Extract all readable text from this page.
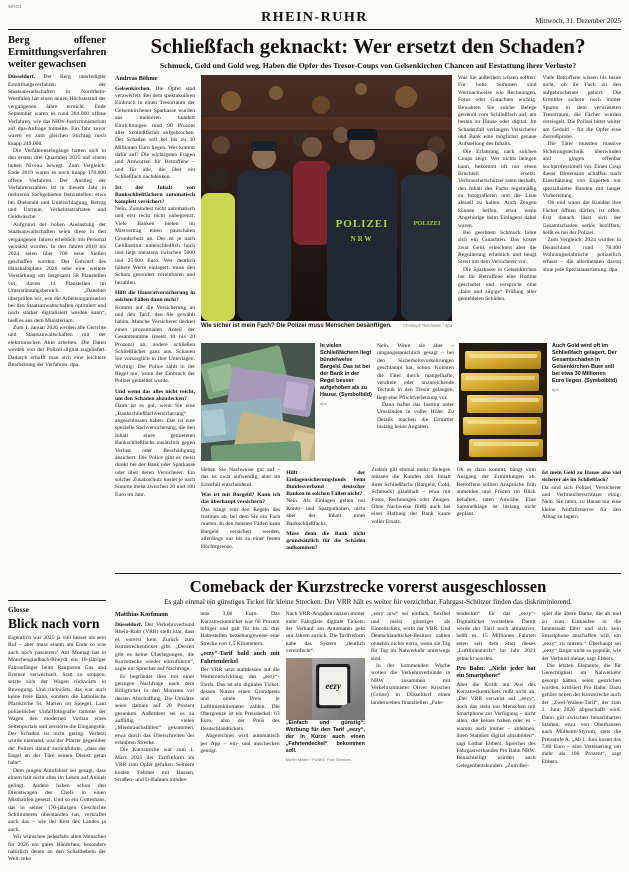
WRG1
RHEIN-RUHR	Mittwoch, 31. Dezember 2025
Berg offener Ermittlungsverfahren weiter gewachsen

Düsseldorf. Der Berg unerledigter Ermittlungsverfahren der Staatsanwaltschaften in Nordrhein-Westfalen hat einen neuen Höchststand der vergangenen Jahre erreicht. Ende September waren es rund 284.000 offene Verfahren, wie das NRW-Justizministerium auf dpa-Anfrage mitteilte. Ein Jahr zuvor waren es zum gleichen Stichtag noch knapp 249.000.

Die Verfahrenseingänge hatten sich in den ersten drei Quartalen 2025 auf einem hohen Niveau bewegt. Zum Vergleich: Ende 2019 waren es noch knapp 176.000 offene Verfahren. Der Anstieg der Verfahrenszahlen ist in diesem Jahr in mehreren Sachgebieten festzustellen: etwa bei Diebstahl und Unterschlagung, Betrug und Untreue, Verkehrsstraftaten und Geldwäsche.

Aufgrund der hohen Auslastung der Staatsanwaltschaften seien diese in den vergangenen Jahren erheblich mit Personal verstärkt worden. In den Jahren 2018 bis 2024 seien über 700 neue Stellen geschaffen worden. Der Entwurf des Haushaltsplans 2026 sehe eine weitere Verstärkung um insgesamt 58 Planstellen vor, davon 14 Planstellen im Unterstützungsbereich. „Daneben überprüfen wir, wie die Arbeitsorganisation bei den Staatsanwaltschaften optimiert und noch stärker digitalisiert werden kann“, hieß es aus dem Ministerium.

Zum 1. Januar 2026 werden alle Gerichte und Staatsanwaltschaften mit der elektronischen Akte arbeiten. Die Daten werden von der Polizei digital zugeliefert. Dadurch erhofft man sich eine leichtere Bearbeitung der Verfahren. dpa

Glosse
Blick nach vorn

Eigentlich war 2025 ja viel besser als sein Ruf – aber muss einem am Ende so was auch noch passieren? Am Montag hat in Mönchengladbach-Rheydt ein 18-jähriger Fahranfänger beim Rangieren Gas und Bremse verwechselt. Statt zu stoppen, setzte sich der Wagen rückwärts in Bewegung. Und rückwärts, das war auch keine freie Bahn, sondern die katholische Pfarrkirche St. Marien im Spiegel. Laut polizeilicher Unfallfotografie rammte der Wagen den modernen Vorbau eines Seitenportals und zerstörte die Eingangstür. Der Schaden ist nicht gering. Verletzt wurde niemand, was der Pfarrer gegenüber der Polizei darauf zurückführte, „dass der Engel an der Türe seinen Dienst getan habe“.

Dem jungen Autofahrer sei gesagt, dass einem halt nicht alles im Leben auf Anhieb gelingt. Andere haben schon den Dienstwagen des Chefs in einen Misthaufen gesetzt. Und so ein Gotteshaus, das in seiner 170-jährigen Geschichte Schlimmeres überstanden hat, verkraftet auch das – wie der Rest des Landes ja auch.

Wir wünschen jedenfalls allen Menschen für 2026 ein gutes Händchen, besonders natürlich denen an den Schalthebeln der Welt. mko

Schließfach geknackt: Wer ersetzt den Schaden?

Schmuck, Geld und Gold weg. Haben die Opfer des Tresor-Coups von Gelsenkirchen Chancen auf Erstattung ihrer Verluste?

Andreas Böhme

Gelsenkirchen. Die Opfer sind verzweifelt. Bei dem spektakulären Einbruch in einen Tresorraum der Gelsenkirchener Sparkasse wurden aus mehreren hundert Einrichtungen rund 90 Prozent aller Schließfächer aufgebrochen. Der Schaden soll bei bis zu 30 Millionen Euro liegen. Wer kommt dafür auf? Die wichtigsten Fragen und Antworten für Betroffene – und für alle, die über ein Schließfach nachdenken.

Ist der Inhalt von Bankschließfächern automatisch komplett versichert?

Nein. Zumindest nicht automatisch und erst recht nicht unbegrenzt. Viele Banken bieten im Mietvertrag einen pauschalen Grundschutz an. Der ist je nach Geldinstitut unterschiedlich hoch und liegt meistens zwischen 5000 und 25.000 Euro. Wer deutlich höhere Werte einlagert, muss den Schutz gesondert vereinbaren und bezahlen.

Hilft die Hausratversicherung in solchen Fällen dann nicht?

Kommt auf die Versicherung an und den Tarif, den Sie gewählt haben. Manche Versicherer decken einen prozentualen Anteil der Gesamtsumme (meist 10 bis 20 Prozent) ab, andere schließen Schließfächer ganz aus. Schauen Sie vorsorglich in Ihre Unterlagen. Wichtig: Die Police zahlt in der Regel nur, wenn der Einbruch der Polizei gemeldet wurde.

Und wenn das alles nicht reicht, um den Schaden abzudecken?

Dann ist es gut, wenn Sie eine „Bankschließfachversicherung“ abgeschlossen haben. Das ist eine spezielle Sachversicherung, die den Inhalt eines gemieteten Bankschließfachs zusätzlich gegen Verlust oder Beschädigung absichert. Die Police gibt es meist direkt bei der Bank oder Sparkasse oder über deren Versicherer. Ein solcher Zusatzschutz kostet je nach Summe meist zwischen 20 und 100 Euro im Jahr.

POLIZEI
NRW
POLIZEI
Wie sicher ist mein Fach? Die Polizei muss Menschen besänftigen.	Christoph Reichwein / dpa

Was Sie außerdem wissen sollten: Für hohe Summen sind Wertnachweise wie Rechnungen, Fotos oder Gutachten wichtig. Bewahren Sie solche Belege getrennt vom Schließfach auf, am besten zu Hause oder digital. Im Schadenfall verlangen Versicherer und Bank eine möglichst genaue Aufstellung des Inhalts.

Die Erfahrung nach solchen Coups zeigt: Wer nichts belegen kann, bekommt oft nur einen Bruchteil ersetzt. Verbraucherschützer raten deshalb, den Inhalt des Fachs regelmäßig zu fotografieren und die Liste aktuell zu halten. Auch Zeugen können helfen, etwa wenn Angehörige beim Einlagern dabei waren.

Bei geerbtem Schmuck lohnt sich ein Gutachten. Das kostet zwar Geld, erleichtert aber die Regulierung erheblich und beugt Streit mit dem Versicherer vor.

Die Sparkasse in Gelsenkirchen hat für Betroffene eine Hotline geschaltet und verspricht eine „faire und zügige“ Prüfung aller gemeldeten Schäden.

Viele Betroffene wissen bis heute nicht, ob ihr Fach zu den aufgebrochenen gehört. Die Ermittler sichern noch immer Spuren in dem verwüsteten Tresorraum, die Fächer wurden versiegelt. Die Polizei bittet weiter um Geduld – für die Opfer eine Zerreißprobe.

Die Täter mussten massive Sicherungstechnik überwinden und gingen offenbar hochprofessionell vor. Einen Coup dieser Dimension schaffen nach Einschätzung von Experten nur spezialisierte Banden mit langer Vorbereitung.

Ob und wann die Kunden ihre Fächer öffnen dürfen, ist offen. Erst danach lässt sich der Gesamtschaden seriös beziffern, heißt es bei der Polizei.

Zum Vergleich: 2024 wurden in Deutschland rund 78.400 Wohnungseinbrüche polizeilich erfasst – die allermeisten davon ohne jede Spezialausrüstung. dpa

In vielen Schließfächern liegt bündelweise Bargeld. Das ist bei der Bank in der Regel besser aufgehoben als zu Hause. (Symbolbild)
dpa

Nein. Wenn sie aber – umgangssprachlich gesagt – bei den Sicherheitsvorkehrungen geschlampt hat, schon. Konnten die Täter durch mangelhafte, veraltete oder unzureichende Technik in den Tresor gelangen, liegt eine Pflichtverletzung vor.

Dann haftet das Institut unter Umständen in voller Höhe. Zu Details machen die Ermittler bislang keine Angaben.

Auch Gold wird oft im Schließfach gelagert. Der Gesamtschaden in Gelsenkirchen-Buer soll bei etwa 30 Millionen Euro liegen. (Symbolbild)
dpa

Heben Sie Nachweise gut auf – das ist zwar aufwendig, aber im Ernstfall entscheidend.

Was ist mit Bargeld? Kann ich das überhaupt versichern?

Das hängt von den Regeln des Instituts ab, bei dem Sie ein Fach mieten. In den meisten Fällen kann Bargeld versichert werden, allerdings nur bis zu einer festen Höchstgrenze.

Hilft der Einlagensicherungsfonds beim Bundesverband deutscher Banken in solchen Fällen nicht?

Nein. Als Einlagen gelten nur Konto- und Sparguthaben, nicht aber der Inhalt eines Bankschließfachs.

Muss denn die Bank nicht grundsätzlich für die Schäden aufkommen?

Zudem gilt einmal mehr: Belegen müssen die Kunden den Inhalt ihres Schließfachs (Bargeld, Gold, Schmuck) glaubhaft – etwa mit Fotos, Rechnungen oder Zeugen. Ohne Nachweise fließt auch bei einer Haftung der Bank kaum voller Ersatz.

Ob es dazu kommt, hängt vom Ausgang der Ermittlungen ab. Betroffene sollten Ansprüche früh anmelden und Fristen im Blick behalten, raten Anwälte. Eine Sammelklage ist bislang nicht geplant.

Ist mein Geld zu Hause also viel sicherer als im Schließfach?

Da sind sich Polizei, Versicherer und Verbraucherschützer einig: Nein. Sie raten, zu Hause nur eine kleine Notfallreserve für den Alltag zu lagern.

Comeback der Kurzstrecke vorerst ausgeschlossen

Es gab einmal ein günstiges Ticket für kleine Strecken. Der VRR hält es weiter für verzichtbar. Fahrgast-Schützer finden das diskriminierend.

Matthias Korfmann

Düsseldorf. Der Verkehrsverbund Rhein-Ruhr (VRR) stellt klar, dass es vorerst kein Zurück zum Kurzstreckenticket gibt. „Derzeit gibt es keine Überlegungen, die Kurzstrecke wieder einzuführen“, sagte ein Sprecher auf Nachfrage.

Er begründet dies mit einer geringen Nachfrage nach dem Billigticket in den Monaten vor dessen Abschaffung. Die Umsätze seien damals auf 20 Prozent gesunken. Außerdem sei es zu auffällig vielen „Missbrauchsfällen“ gekommen, etwa durch das Überschreiten der erlaubten Strecke.

Die Kurzstrecke war zum 1. März 2025 der Tarifreform im VRR zum Opfer gefallen. Seitdem kosten Fahrten mit Bussen, Straßen- und U-Bahnen mindes-

tens 3,60 Euro. Das Kurzstreckenticket war 60 Prozent billiger und galt für bis zu drei Haltestellen beziehungsweise eine Strecke von 1,5 Kilometern.

„eezy“-Tarif bald auch mit Fahrtendeckel

Der VRR setzt stattdessen auf die Weiterentwicklung des „eezy“-Tarifs. Das ist ein digitales Ticket, dessen Nutzer einen Grundpreis und einen Preis je Luftlinienkilometer zahlen. Die Obergrenze ist ein Preisdeckel: 63 Euro, also der Preis des Deutschlandtickets.

Abgerechnet wird automatisch per App – ein- und auschecken genügt.

Nach VRR-Angaben nutzen immer mehr Fahrgäste digitale Tickets; der Verkauf am Automaten geht seit Jahren zurück. Die Tarifreform habe das System „deutlich vereinfacht“.

eezy
„Einfach und günstig“: Werbung für den Tarif „eezy“, der in Kürze auch einen „Fahrtendeckel“ bekommen soll.
Martin Möller / FUNKE Foto Services

„eezy nrw“ sei einfach, flexibel und meist günstiger als Einzeltickets, wirbt der VRR. Und Deutschlandticket-Besitzer zahlen ohnehin nichts extra, wenn sie Tag für Tag im Nahverkehr unterwegs sind.

In der kommenden Woche wollen die Verkehrsverbünde in NRW zusammen mit Verkehrsminister Oliver Krischer (Grüne) in Düsseldorf einen landesweiten finanziellen „Fahr-

tendeckel“ für das „eezy“-Digitalticket vorstellen. Damit werde der Tarif noch attraktiver, heißt es. 15 Millionen Fahrten seien seit dem Start dieses „Luftlinientarifs“ im Jahr 2021 gebucht worden.

Pro Bahn: „Nicht jeder hat ein Smartphone“

Aber die Kritik am Aus des Kurzstreckentickets reißt nicht ab. „Der VRR verweist auf „eezy“, doch das steht nur Menschen mit Smartphone zur Verfügung – nicht allen, die keines haben oder es – warum auch immer – ablehnen, ihren Standort digital abzubilden“, sagt Lothar Ebbers, Sprecher des Fahrgastverbandes Pro Bahn NRW. Benachteiligt würden auch Gelegenheitskunden. „Zum Bei-

spiel die ältere Dame, die ab und zu zum Einkaufen in die Innenstadt fährt und sich kein Smartphone anschaffen will, um „eezy“ zu nutzen.“ Überhaupt sei „eezy“ längst nicht so populär, wie der Verbund meine, sagt Ebbers.

Die letzten Elemente, die für Gerechtigkeit im Nahverkehr gesorgt hätten, seien gestrichen worden, kritisiert Pro Bahn. Dazu gehöre neben der Kurzstrecke auch der „Zwei-Waben-Tarif“, der zum 1. Juni 2026 abgeschafft wird. Dann gilt zwischen benachbarten Städten, etwa von Oberhausen nach Mülheim-Styrum, stets die Preisstufe A. „Ab 1. Juni kostet das 7,80 Euro – eine Verteuerung um mehr als 100 Prozent“, sagt Ebbers.
